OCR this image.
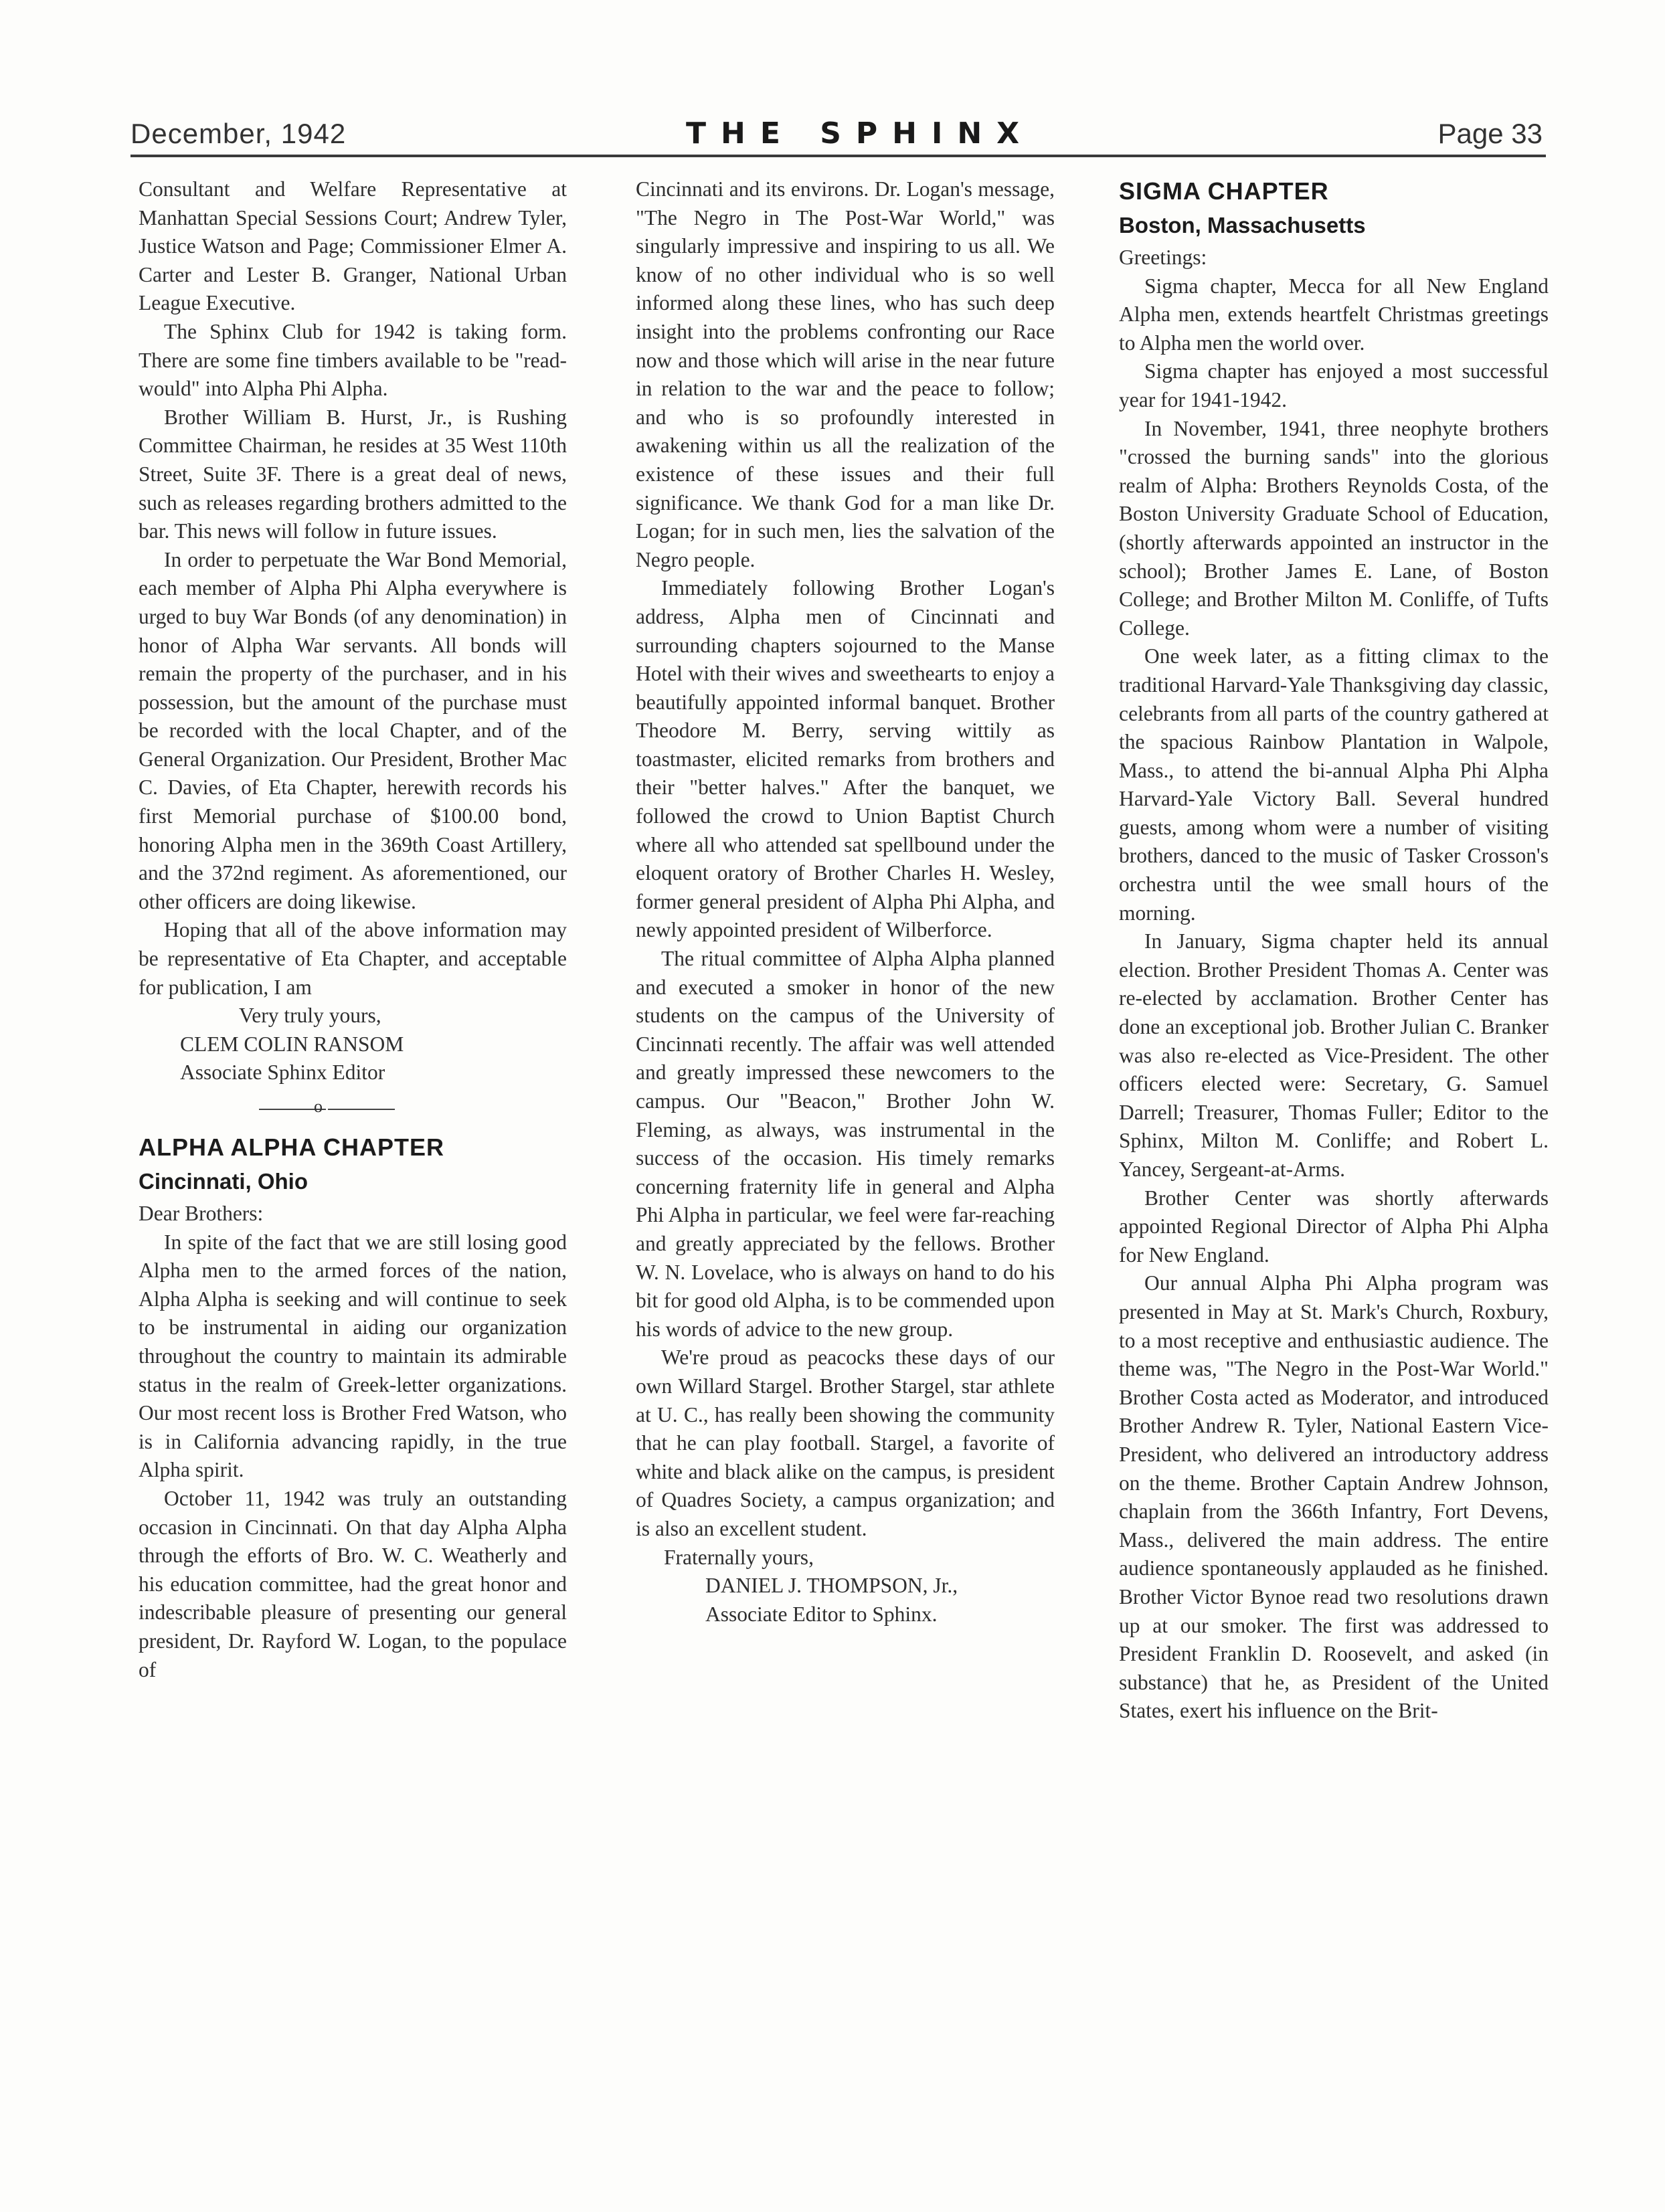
December, 1942	THE SPHINX	Page 33

Consultant and Welfare Representative at Manhattan Special Sessions Court; Andrew Tyler, Justice Watson and Page; Commissioner Elmer A. Carter and Lester B. Granger, National Urban League Executive.

The Sphinx Club for 1942 is taking form. There are some fine timbers available to be "read-would" into Alpha Phi Alpha.

Brother William B. Hurst, Jr., is Rushing Committee Chairman, he resides at 35 West 110th Street, Suite 3F. There is a great deal of news, such as releases regarding brothers admitted to the bar. This news will follow in future issues.

In order to perpetuate the War Bond Memorial, each member of Alpha Phi Alpha everywhere is urged to buy War Bonds (of any denomination) in honor of Alpha War servants. All bonds will remain the property of the purchaser, and in his possession, but the amount of the purchase must be recorded with the local Chapter, and of the General Organization. Our President, Brother Mac C. Davies, of Eta Chapter, herewith records his first Memorial purchase of $100.00 bond, honoring Alpha men in the 369th Coast Artillery, and the 372nd regiment. As aforementioned, our other officers are doing likewise.

Hoping that all of the above information may be representative of Eta Chapter, and acceptable for publication, I am

Very truly yours,

CLEM COLIN RANSOM

Associate Sphinx Editor

o
ALPHA ALPHA CHAPTER
Cincinnati, Ohio

Dear Brothers:

In spite of the fact that we are still losing good Alpha men to the armed forces of the nation, Alpha Alpha is seeking and will continue to seek to be instrumental in aiding our organization throughout the country to maintain its admirable status in the realm of Greek-letter organizations. Our most recent loss is Brother Fred Watson, who is in California advancing rapidly, in the true Alpha spirit.

October 11, 1942 was truly an outstanding occasion in Cincinnati. On that day Alpha Alpha through the efforts of Bro. W. C. Weatherly and his education committee, had the great honor and indescribable pleasure of presenting our general president, Dr. Rayford W. Logan, to the populace of

Cincinnati and its environs. Dr. Logan's message, "The Negro in The Post-War World," was singularly impressive and inspiring to us all. We know of no other individual who is so well informed along these lines, who has such deep insight into the problems confronting our Race now and those which will arise in the near future in relation to the war and the peace to follow; and who is so profoundly interested in awakening within us all the realization of the existence of these issues and their full significance. We thank God for a man like Dr. Logan; for in such men, lies the salvation of the Negro people.

Immediately following Brother Logan's address, Alpha men of Cincinnati and surrounding chapters sojourned to the Manse Hotel with their wives and sweethearts to enjoy a beautifully appointed informal banquet. Brother Theodore M. Berry, serving wittily as toastmaster, elicited remarks from brothers and their "better halves." After the banquet, we followed the crowd to Union Baptist Church where all who attended sat spellbound under the eloquent oratory of Brother Charles H. Wesley, former general president of Alpha Phi Alpha, and newly appointed president of Wilberforce.

The ritual committee of Alpha Alpha planned and executed a smoker in honor of the new students on the campus of the University of Cincinnati recently. The affair was well attended and greatly impressed these newcomers to the campus. Our "Beacon," Brother John W. Fleming, as always, was instrumental in the success of the occasion. His timely remarks concerning fraternity life in general and Alpha Phi Alpha in particular, we feel were far-reaching and greatly appreciated by the fellows. Brother W. N. Lovelace, who is always on hand to do his bit for good old Alpha, is to be commended upon his words of advice to the new group.

We're proud as peacocks these days of our own Willard Stargel. Brother Stargel, star athlete at U. C., has really been showing the community that he can play football. Stargel, a favorite of white and black alike on the campus, is president of Quadres Society, a campus organization; and is also an excellent student.

Fraternally yours,

DANIEL J. THOMPSON, Jr.,

Associate Editor to Sphinx.

SIGMA CHAPTER
Boston, Massachusetts

Greetings:

Sigma chapter, Mecca for all New England Alpha men, extends heartfelt Christmas greetings to Alpha men the world over.

Sigma chapter has enjoyed a most successful year for 1941-1942.

In November, 1941, three neophyte brothers "crossed the burning sands" into the glorious realm of Alpha: Brothers Reynolds Costa, of the Boston University Graduate School of Education, (shortly afterwards appointed an instructor in the school); Brother James E. Lane, of Boston College; and Brother Milton M. Conliffe, of Tufts College.

One week later, as a fitting climax to the traditional Harvard-Yale Thanksgiving day classic, celebrants from all parts of the country gathered at the spacious Rainbow Plantation in Walpole, Mass., to attend the bi-annual Alpha Phi Alpha Harvard-Yale Victory Ball. Several hundred guests, among whom were a number of visiting brothers, danced to the music of Tasker Crosson's orchestra until the wee small hours of the morning.

In January, Sigma chapter held its annual election. Brother President Thomas A. Center was re-elected by acclamation. Brother Center has done an exceptional job. Brother Julian C. Branker was also re-elected as Vice-President. The other officers elected were: Secretary, G. Samuel Darrell; Treasurer, Thomas Fuller; Editor to the Sphinx, Milton M. Conliffe; and Robert L. Yancey, Sergeant-at-Arms.

Brother Center was shortly afterwards appointed Regional Director of Alpha Phi Alpha for New England.

Our annual Alpha Phi Alpha program was presented in May at St. Mark's Church, Roxbury, to a most receptive and enthusiastic audience. The theme was, "The Negro in the Post-War World." Brother Costa acted as Moderator, and introduced Brother Andrew R. Tyler, National Eastern Vice-President, who delivered an introductory address on the theme. Brother Captain Andrew Johnson, chaplain from the 366th Infantry, Fort Devens, Mass., delivered the main address. The entire audience spontaneously applauded as he finished. Brother Victor Bynoe read two resolutions drawn up at our smoker. The first was addressed to President Franklin D. Roosevelt, and asked (in substance) that he, as President of the United States, exert his influence on the Brit-
